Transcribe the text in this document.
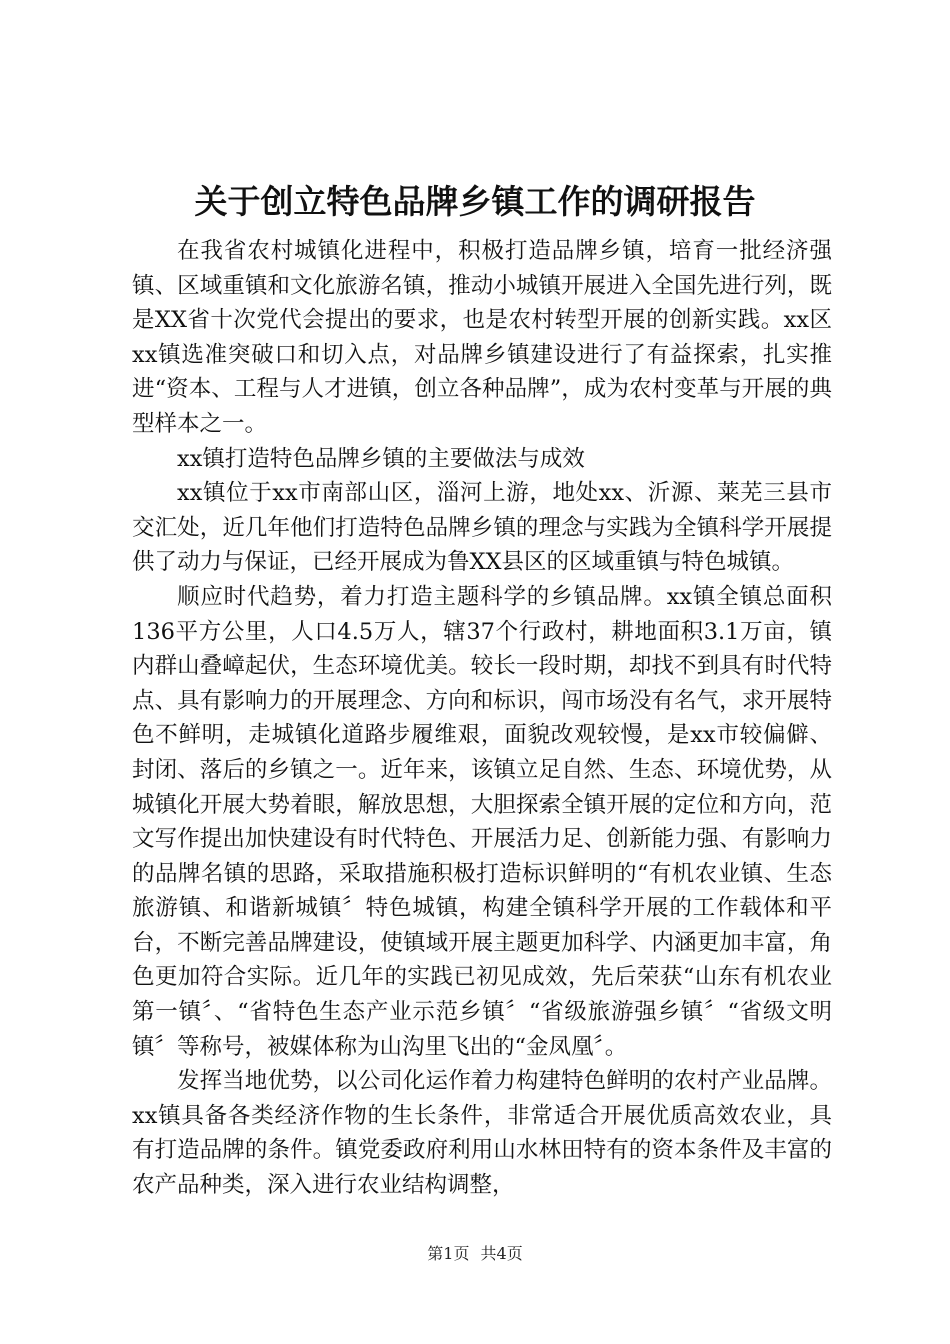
关于创立特色品牌乡镇工作的调研报告

在我省农村城镇化进程中，积极打造品牌乡镇，培育一批经济强镇、区域重镇和文化旅游名镇，推动小城镇开展进入全国先进行列，既是XX省十次党代会提出的要求，也是农村转型开展的创新实践。xx区xx镇选准突破口和切入点，对品牌乡镇建设进行了有益探索，扎实推进“资本、工程与人才进镇，创立各种品牌”，成为农村变革与开展的典型样本之一。

xx镇打造特色品牌乡镇的主要做法与成效

xx镇位于xx市南部山区，淄河上游，地处xx、沂源、莱芜三县市交汇处，近几年他们打造特色品牌乡镇的理念与实践为全镇科学开展提供了动力与保证，已经开展成为鲁XX县区的区域重镇与特色城镇。

顺应时代趋势，着力打造主题科学的乡镇品牌。xx镇全镇总面积136平方公里，人口4.5万人，辖37个行政村，耕地面积3.1万亩，镇内群山叠嶂起伏，生态环境优美。较长一段时期，却找不到具有时代特点、具有影响力的开展理念、方向和标识，闯市场没有名气，求开展特色不鲜明，走城镇化道路步履维艰，面貌改观较慢，是xx市较偏僻、封闭、落后的乡镇之一。近年来，该镇立足自然、生态、环境优势，从城镇化开展大势着眼，解放思想，大胆探索全镇开展的定位和方向，范文写作提出加快建设有时代特色、开展活力足、创新能力强、有影响力的品牌名镇的思路，采取措施积极打造标识鲜明的“有机农业镇、生态旅游镇、和谐新城镇〞特色城镇，构建全镇科学开展的工作载体和平台，不断完善品牌建设，使镇域开展主题更加科学、内涵更加丰富，角色更加符合实际。近几年的实践已初见成效，先后荣获“山东有机农业第一镇〞、“省特色生态产业示范乡镇〞“省级旅游强乡镇〞“省级文明镇〞等称号，被媒体称为山沟里飞出的“金凤凰〞。

发挥当地优势，以公司化运作着力构建特色鲜明的农村产业品牌。xx镇具备各类经济作物的生长条件，非常适合开展优质高效农业，具有打造品牌的条件。镇党委政府利用山水林田特有的资本条件及丰富的农产品种类，深入进行农业结构调整，

第1页 共4页
